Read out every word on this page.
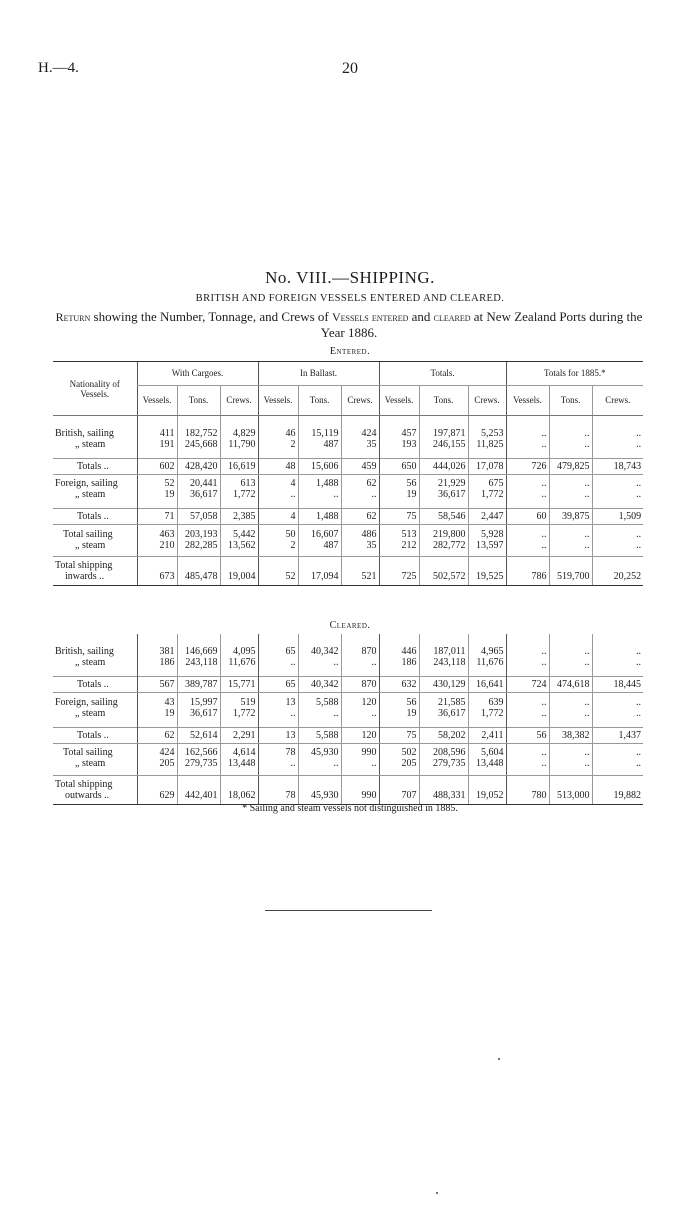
H.—4.	20
No. VIII.—SHIPPING.
BRITISH AND FOREIGN VESSELS ENTERED AND CLEARED.
Return showing the Number, Tonnage, and Crews of Vessels entered and cleared at New Zealand Ports during the Year 1886.
Entered.
Nationality of Vessels.	With Cargoes.			In Ballast.			Totals.			Totals for 1885.*		
	Vessels.	Tons.	Crews.	Vessels.	Tons.	Crews.	Vessels.	Tons.	Crews.	Vessels.	Tons.	Crews.

British, sailing	411	182,752	4,829	46	15,119	424	457	197,871	5,253	..	..	..
„ steam	191	245,668	11,790	2	487	35	193	246,155	11,825	..	..	..

Totals ..	602	428,420	16,619	48	15,606	459	650	444,026	17,078	726	479,825	18,743

Foreign, sailing	52	20,441	613	4	1,488	62	56	21,929	675	..	..	..
„ steam	19	36,617	1,772	..	..	..	19	36,617	1,772	..	..	..

Totals ..	71	57,058	2,385	4	1,488	62	75	58,546	2,447	60	39,875	1,509

Total sailing	463	203,193	5,442	50	16,607	486	513	219,800	5,928	..	..	..
„ steam	210	282,285	13,562	2	487	35	212	282,772	13,597	..	..	..

Total shipping												
inwards ..	673	485,478	19,004	52	17,094	521	725	502,572	19,525	786	519,700	20,252
Cleared.

British, sailing	381	146,669	4,095	65	40,342	870	446	187,011	4,965	..	..	..
„ steam	186	243,118	11,676	..	..	..	186	243,118	11,676	..	..	..

Totals ..	567	389,787	15,771	65	40,342	870	632	430,129	16,641	724	474,618	18,445

Foreign, sailing	43	15,997	519	13	5,588	120	56	21,585	639	..	..	..
„ steam	19	36,617	1,772	..	..	..	19	36,617	1,772	..	..	..

Totals ..	62	52,614	2,291	13	5,588	120	75	58,202	2,411	56	38,382	1,437

Total sailing	424	162,566	4,614	78	45,930	990	502	208,596	5,604	..	..	..
„ steam	205	279,735	13,448	..	..	..	205	279,735	13,448	..	..	..

Total shipping												
outwards ..	629	442,401	18,062	78	45,930	990	707	488,331	19,052	780	513,000	19,882
* Sailing and steam vessels not distinguished in 1885.
